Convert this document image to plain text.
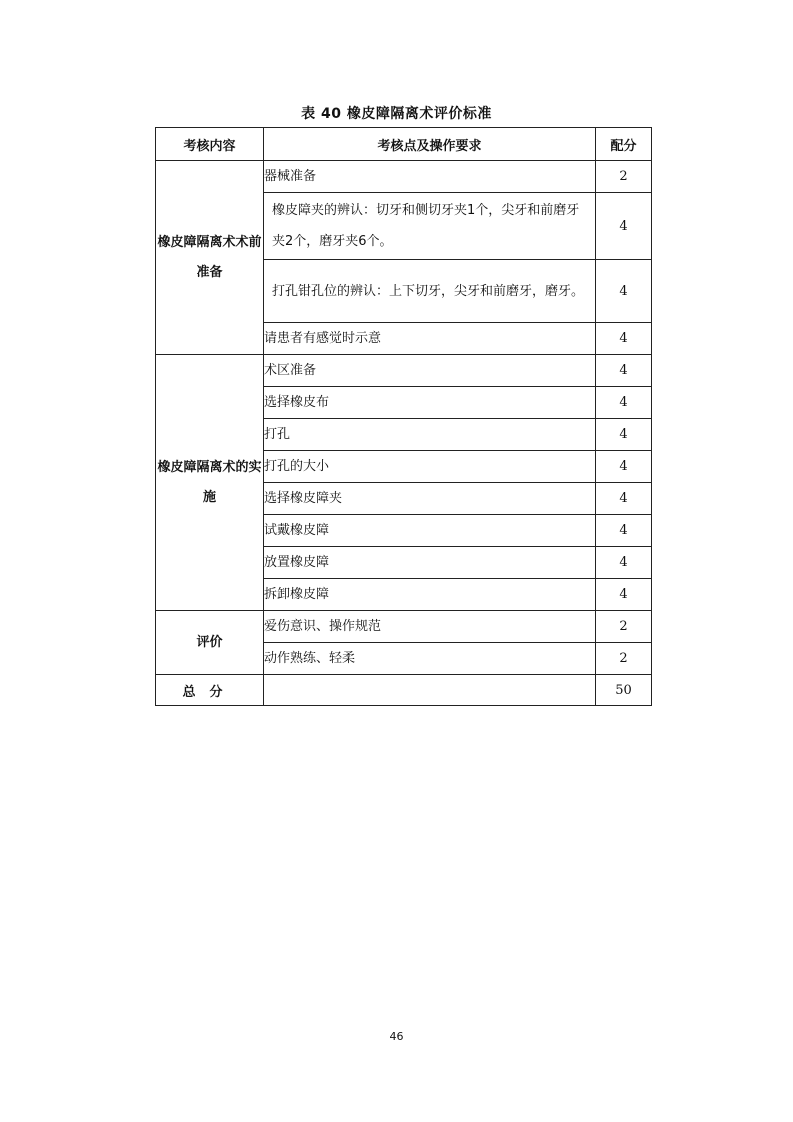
表 40 橡皮障隔离术评价标准
考核内容	考核点及操作要求	配分
橡皮障隔离术术前准备	器械准备	2
	橡皮障夹的辨认：切牙和侧切牙夹1个，尖牙和前磨牙夹2个，磨牙夹6个。	4
	打孔钳孔位的辨认：上下切牙，尖牙和前磨牙，磨牙。	4
	请患者有感觉时示意	4
橡皮障隔离术的实施	术区准备	4
	选择橡皮布	4
	打孔	4
	打孔的大小	4
	选择橡皮障夹	4
	试戴橡皮障	4
	放置橡皮障	4
	拆卸橡皮障	4
评价	爱伤意识、操作规范	2
	动作熟练、轻柔	2
总分		50
46
